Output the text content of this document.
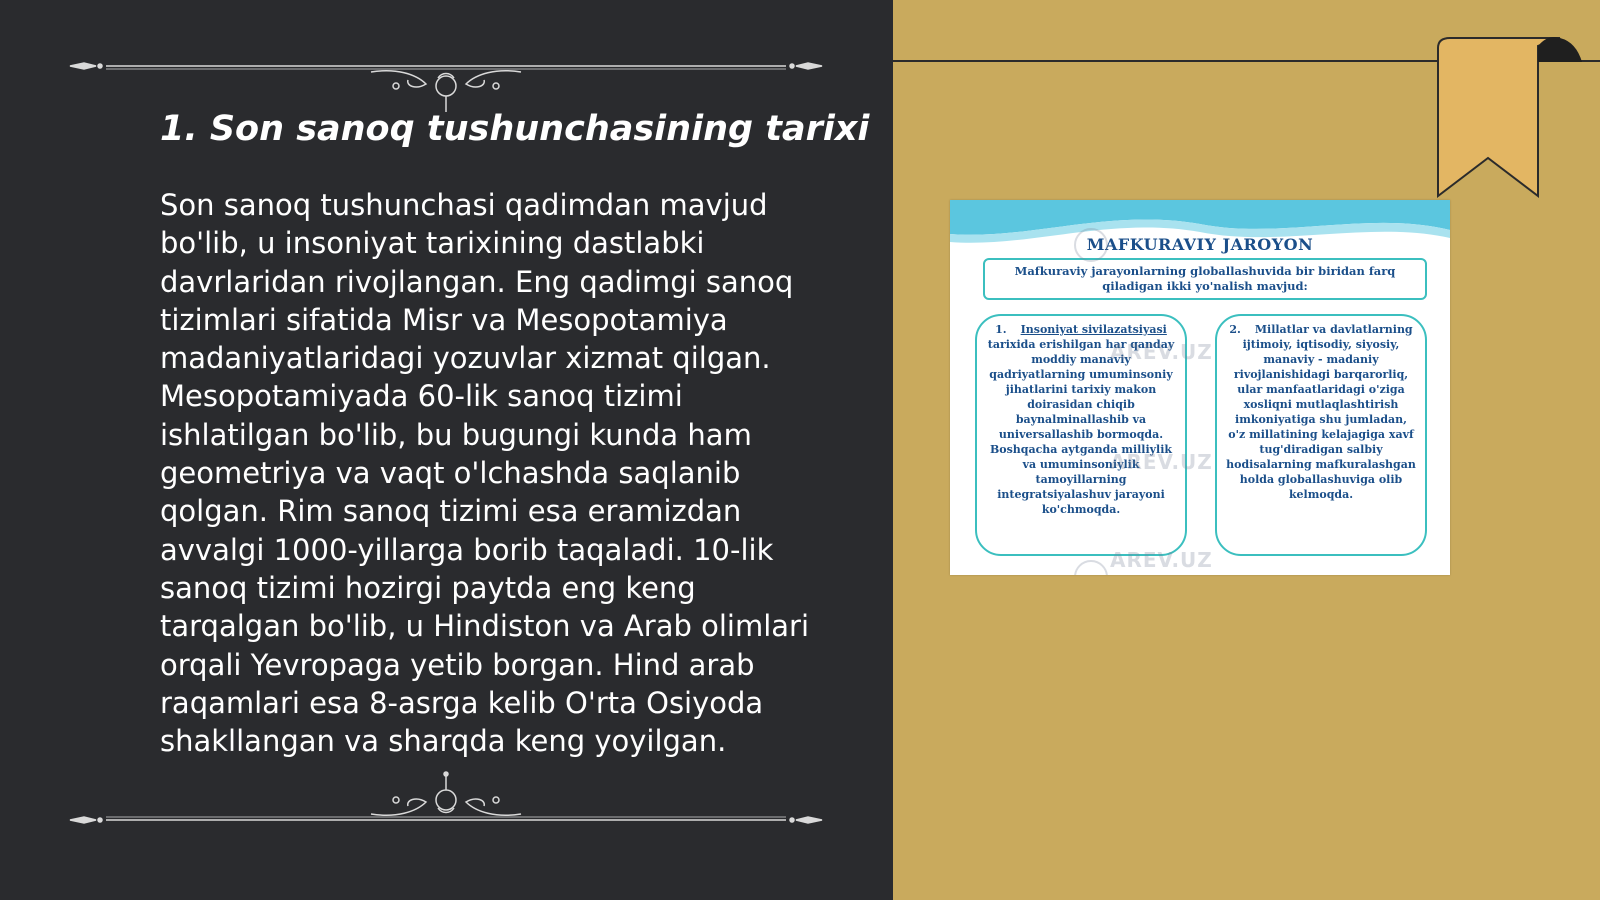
1. Son sanoq tushunchasining tarixi

Son sanoq tushunchasi qadimdan mavjud bo'lib, u insoniyat tarixining dastlabki davrlaridan rivojlangan. Eng qadimgi sanoq tizimlari sifatida Misr va Mesopotamiya madaniyatlaridagi yozuvlar xizmat qilgan. Mesopotamiyada 60-lik sanoq tizimi ishlatilgan bo'lib, bu bugungi kunda ham geometriya va vaqt o'lchashda saqlanib qolgan. Rim sanoq tizimi esa eramizdan avvalgi 1000-yillarga borib taqaladi. 10-lik sanoq tizimi hozirgi paytda eng keng tarqalgan bo'lib, u Hindiston va Arab olimlari orqali Yevropaga yetib borgan. Hind arab raqamlari esa 8-asrga kelib O'rta Osiyoda shakllangan va sharqda keng yoyilgan.

MAFKURAVIY JAROYON
Mafkuraviy jarayonlarning globallashuvida bir biridan farq qiladigan ikki yo'nalish mavjud:
1. Insoniyat sivilazatsiyasi tarixida erishilgan har qanday moddiy manaviy qadriyatlarning umuminsoniy jihatlarini tarixiy makon doirasidan chiqib baynalminallashib va universallashib bormoqda. Boshqacha aytganda milliylik va umuminsoniylik tamoyillarning integratsiyalashuv jarayoni ko'chmoqda.
2. Millatlar va davlatlarning ijtimoiy, iqtisodiy, siyosiy, manaviy - madaniy rivojlanishidagi barqarorliq, ular manfaatlaridagi o'ziga xosliqni mutlaqlashtirish imkoniyatiga shu jumladan, o'z millatining kelajagiga xavf tug'diradigan salbiy hodisalarning mafkuralashgan holda globallashuviga olib kelmoqda.
AREV.UZ
AREV.UZ
AREV.UZ
